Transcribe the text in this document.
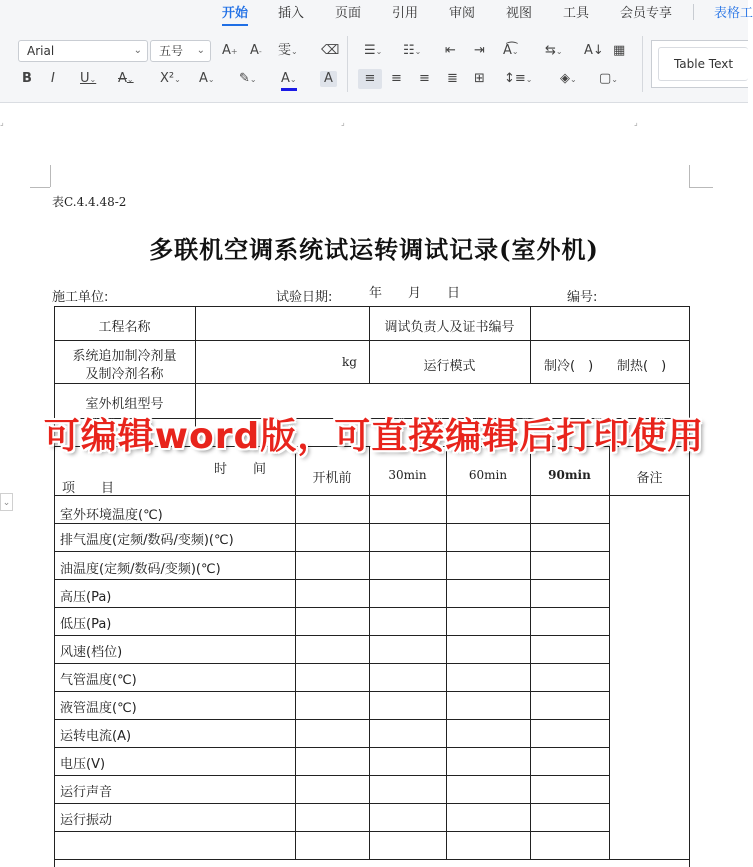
开始 插入 页面 引用 审阅 视图 工具 会员专享	表格工
Arial	⌄	五号 ⌄ A+ A- 雯⌄ ⌫
B I U⌄ A⌄ X²⌄ A⌄ ✎⌄ A⌄	A
☰⌄ ☷⌄ ⇤ ⇥ A͡⌄ ⇆⌄ A↓ ▦
≡	≡ ≡ ≣ ⊞ ↕≡⌄ ◈⌄ ▢⌄
⌟	⌟	⌟
Table Text
⌄
表C.4.4.48-2
多联机空调系统试运转调试记录(室外机)
施工单位:	试验日期:	年　　月　　日	编号:
工程名称	调试负责人及证书编号
系统追加制冷剂量
及制冷剂名称
kg	运行模式	制冷(　) 制热(　)
室外机组型号
时　　间
项　　目
开机前	30min	60min	90min	备注
室外环境温度(℃)
排气温度(定频/数码/变频)(℃)
油温度(定频/数码/变频)(℃)
高压(Pa)
低压(Pa)
风速(档位)
气管温度(℃)
液管温度(℃)
运转电流(A)
电压(V)
运行声音
运行振动
可编辑word版，可直接编辑后打印使用
